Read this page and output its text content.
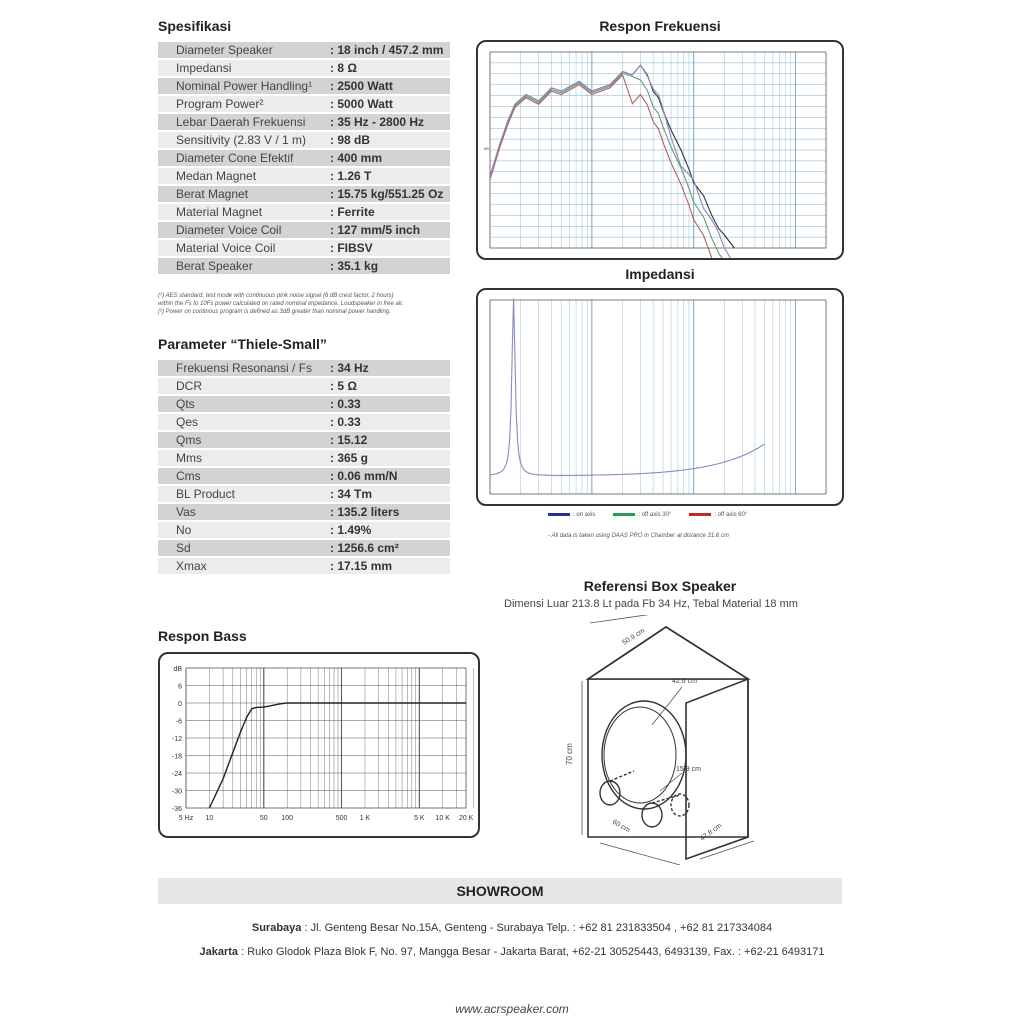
Spesifikasi
Diameter Speaker	: 18 inch / 457.2 mm
Impedansi	: 8 Ω
Nominal Power Handling¹	: 2500 Watt
Program Power²	: 5000 Watt
Lebar Daerah Frekuensi	: 35 Hz - 2800 Hz
Sensitivity (2.83 V / 1 m)	: 98 dB
Diameter Cone Efektif	: 400 mm
Medan Magnet	: 1.26 T
Berat Magnet	: 15.75 kg/551.25 Oz
Material Magnet	: Ferrite
Diameter Voice Coil	: 127 mm/5 inch
Material Voice Coil	: FIBSV
Berat Speaker	: 35.1 kg
(¹) AES standard, test mode with continuous pink noise signal (6 dB crest factor, 2 hours)
within the Fs to 10Fs power calculated on rated nominal impedance. Loudspeaker in free air.
(²) Power on continous program is defined as 3dB greater than nominal power handling.
Parameter “Thiele-Small”
Frekuensi Resonansi / Fs	: 34 Hz
DCR	: 5 Ω
Qts	: 0.33
Qes	: 0.33
Qms	: 15.12
Mms	: 365 g
Cms	: 0.06 mm/N
BL Product	: 34 Tm
Vas	: 135.2 liters
No	: 1.49%
Sd	: 1256.6 cm²
Xmax	: 17.15 mm
Respon Frekuensi
dB
Impedansi
: on axis	: off axis 30°	: off axis 60°
- All data is taken using DAAS PRO in Chamber at distance 31.6 cm
Referensi Box Speaker
Dimensi Luar 213.8 Lt pada Fb 34 Hz, Tebal Material 18 mm
50.9 cm
70 cm
42.6 cm
15.9 cm
60 cm	47.8 cm
Respon Bass
dB
6
0
-6
-12
-18
-24
-30
-36
5 Hz 10	50 100	500 1 K	5 K 10 K 20 K
SHOWROOM
Surabaya : Jl. Genteng Besar No.15A, Genteng - Surabaya Telp. : +62 81 231833504 , +62 81 217334084
Jakarta : Ruko Glodok Plaza Blok F, No. 97, Mangga Besar - Jakarta Barat, +62-21 30525443, 6493139, Fax. : +62-21 6493171
www.acrspeaker.com
